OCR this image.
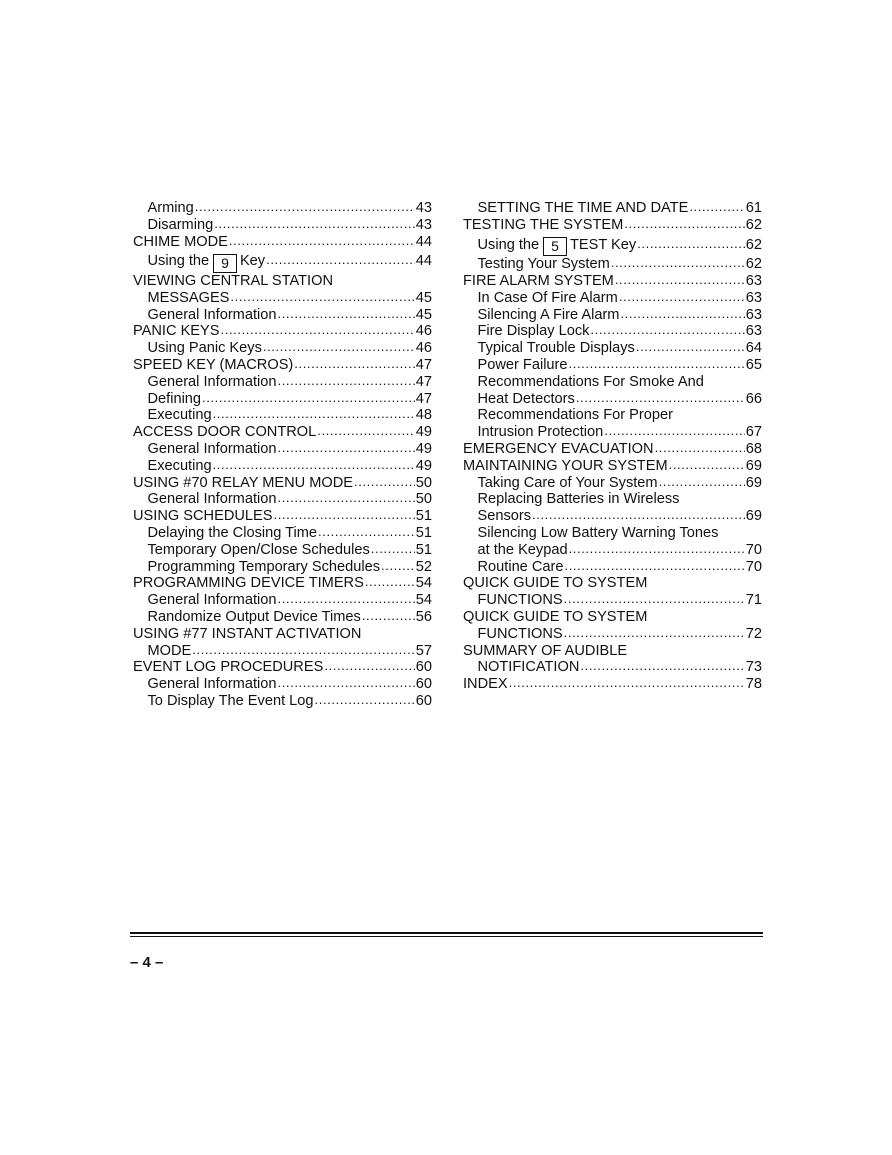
Arming .....	43
Disarming .....	43
CHIME MODE .....	44
Using the 9 Key .....	44
VIEWING CENTRAL STATION
MESSAGES .....	45
General Information .....	45
PANIC KEYS .....	46
Using Panic Keys .....	46
SPEED KEY (MACROS) .....	47
General Information .....	47
Defining .....	47
Executing .....	48
ACCESS DOOR CONTROL .....	49
General Information .....	49
Executing .....	49
USING #70 RELAY MENU MODE .....	50
General Information .....	50
USING SCHEDULES .....	51
Delaying the Closing Time .....	51
Temporary Open/Close Schedules .....	51
Programming Temporary Schedules ..... 52
PROGRAMMING DEVICE TIMERS .....	54
General Information .....	54
Randomize Output Device Times .....	56
USING #77 INSTANT ACTIVATION
MODE .....	57
EVENT LOG PROCEDURES .....	60
General Information .....	60
To Display The Event Log .....	60
SETTING THE TIME AND DATE .....	61
TESTING THE SYSTEM .....	62
Using the 5 TEST Key .....	62
Testing Your System .....	62
FIRE ALARM SYSTEM .....	63
In Case Of Fire Alarm .....	63
Silencing A Fire Alarm .....	63
Fire Display Lock .....	63
Typical Trouble Displays .....	64
Power Failure .....	65
Recommendations For Smoke And
Heat Detectors .....	66
Recommendations For Proper
Intrusion Protection .....	67
EMERGENCY EVACUATION .....	68
MAINTAINING YOUR SYSTEM .....	69
Taking Care of Your System .....	69
Replacing Batteries in Wireless
Sensors .....	69
Silencing Low Battery Warning Tones
at the Keypad .....	70
Routine Care .....	70
QUICK GUIDE TO SYSTEM
FUNCTIONS .....	71
QUICK GUIDE TO SYSTEM
FUNCTIONS .....	72
SUMMARY OF AUDIBLE
NOTIFICATION .....	73
INDEX .....	78
– 4 –
